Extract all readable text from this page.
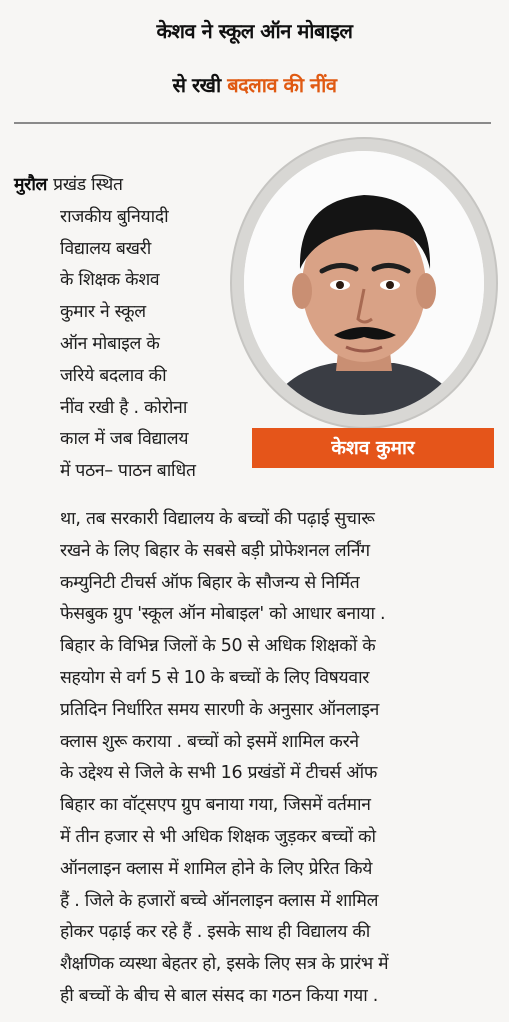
केशव ने स्कूल ऑन मोबाइल
से रखी बदलाव की नींव
केशव कुमार
मुरौल प्रखंड स्थित
राजकीय बुनियादी
विद्यालय बखरी
के शिक्षक केशव
कुमार ने स्कूल
ऑन मोबाइल के
जरिये बदलाव की
नींव रखी है . कोरोना
काल में जब विद्यालय
में पठन– पाठन बाधित
था, तब सरकारी विद्यालय के बच्चों की पढ़ाई सुचारू
रखने के लिए बिहार के सबसे बड़ी प्रोफेशनल लर्निंग
कम्युनिटी टीचर्स ऑफ बिहार के सौजन्य से निर्मित
फेसबुक ग्रुप 'स्कूल ऑन मोबाइल' को आधार बनाया .
बिहार के विभिन्न जिलों के 50 से अधिक शिक्षकों के
सहयोग से वर्ग 5 से 10 के बच्चों के लिए विषयवार
प्रतिदिन निर्धारित समय सारणी के अनुसार ऑनलाइन
क्लास शुरू कराया . बच्चों को इसमें शामिल करने
के उद्देश्य से जिले के सभी 16 प्रखंडों में टीचर्स ऑफ
बिहार का वॉट्सएप ग्रुप बनाया गया, जिसमें वर्तमान
में तीन हजार से भी अधिक शिक्षक जुड़कर बच्चों को
ऑनलाइन क्लास में शामिल होने के लिए प्रेरित किये
हैं . जिले के हजारों बच्चे ऑनलाइन क्लास में शामिल
होकर पढ़ाई कर रहे हैं . इसके साथ ही विद्यालय की
शैक्षणिक व्यस्था बेहतर हो, इसके लिए सत्र के प्रारंभ में
ही बच्चों के बीच से बाल संसद का गठन किया गया .
